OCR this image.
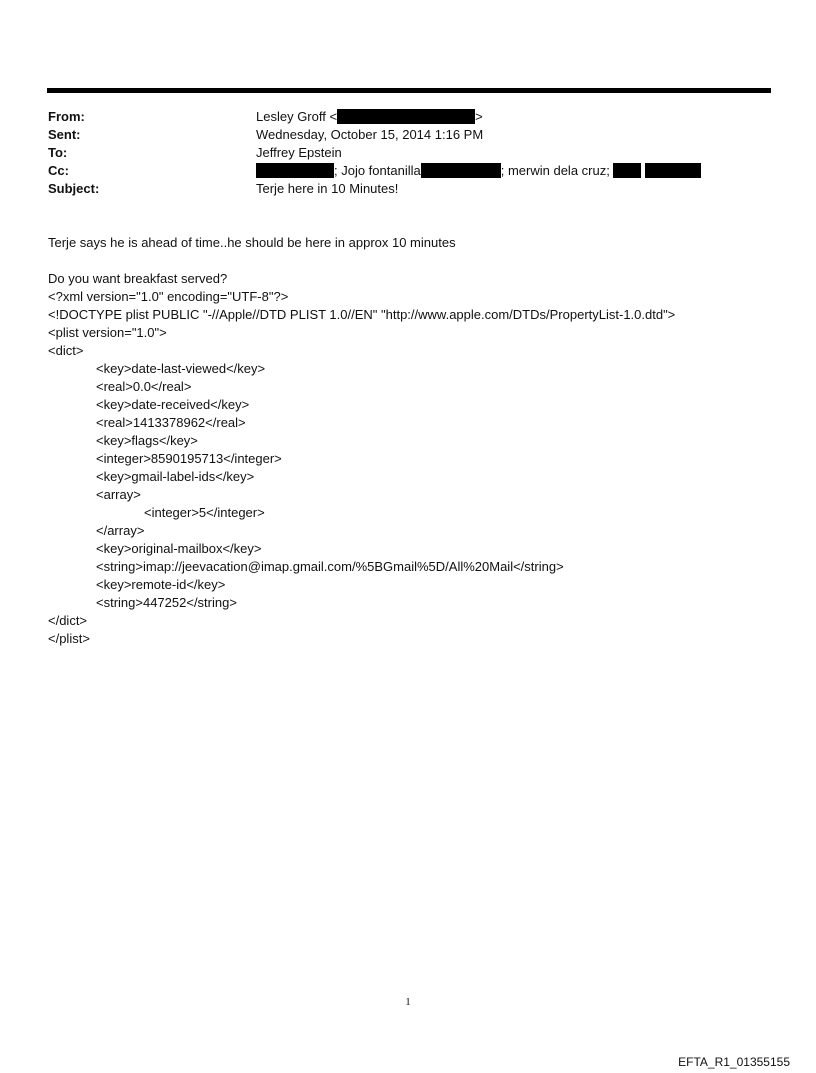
From:	Lesley Groff <	>
Sent:	Wednesday, October 15, 2014 1:16 PM
To:	Jeffrey Epstein
Cc:	; Jojo fontanilla	; merwin dela cruz;
Subject:	Terje here in 10 Minutes!
Terje says he is ahead of time..he should be here in approx 10 minutes
Do you want breakfast served?
<?xml version="1.0" encoding="UTF-8"?>
<!DOCTYPE plist PUBLIC "-//Apple//DTD PLIST 1.0//EN" "http://www.apple.com/DTDs/PropertyList-1.0.dtd">
<plist version="1.0">
<dict>
<key>date-last-viewed</key>
<real>0.0</real>
<key>date-received</key>
<real>1413378962</real>
<key>flags</key>
<integer>8590195713</integer>
<key>gmail-label-ids</key>
<array>
<integer>5</integer>
</array>
<key>original-mailbox</key>
<string>imap://jeevacation@imap.gmail.com/%5BGmail%5D/All%20Mail</string>
<key>remote-id</key>
<string>447252</string>
</dict>
</plist>
1
EFTA_R1_01355155
